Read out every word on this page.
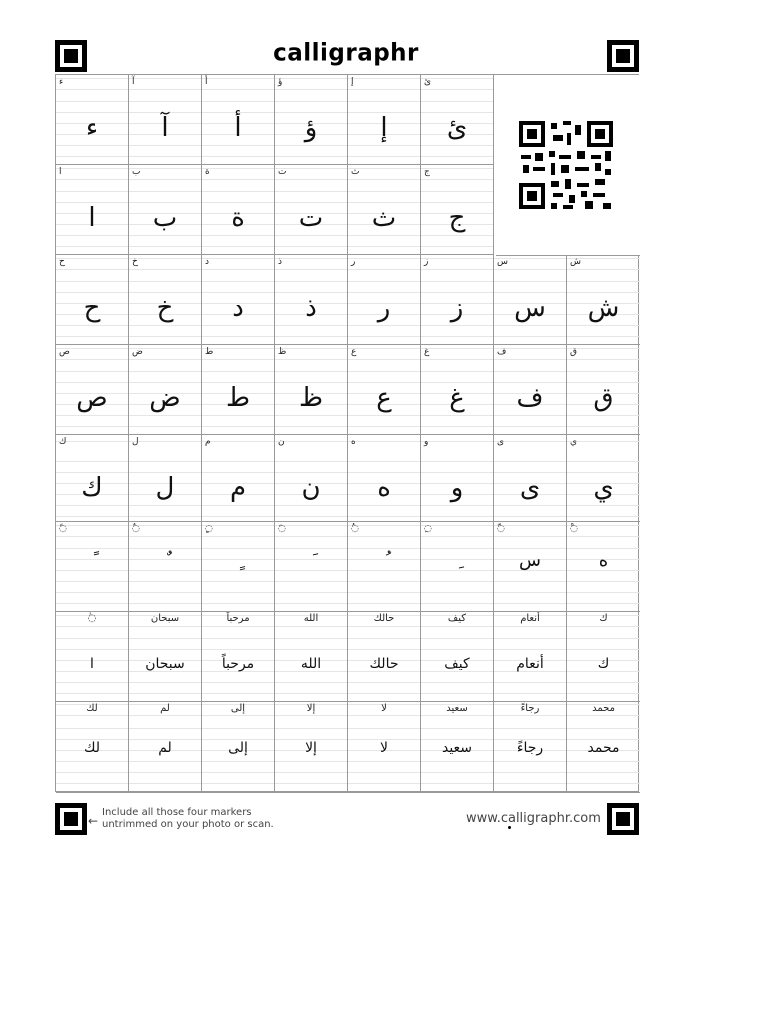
calligraphr
لك
لك
لم
لم
إلى
إلى
إلا
إلا
لا
لا
سعيد
سعيد
رجاءً
رجاءً
محمد
محمد
◌ٰ
ا
سبحان
سبحان
مرحباً
مرحباً
الله
الله
حالك
حالك
كيف
كيف
أنعام
أنعام
ك
ك
◌ً	◌ٌ	◌ٍ	◌َ	◌ُ	◌ِ	◌ّ
س
◌ْ
ه
ك
ك
ل
ل
م
م
ن
ن
ه
ه
و
و
ى
ى
ي
ي
ص
ص
ض
ض
ط
ط
ظ
ظ
ع
ع
غ
غ
ف
ف
ق
ق
ح
ح
خ
خ
د
د
ذ
ذ
ر
ر
ز
ز
س
س
ش
ش
ا
ا
ب
ب
ة
ة
ت
ت
ث
ث
ج
ج
ء
ء
آ
آ
أ
أ
ؤ
ؤ
إ
إ
ئ
ئ
←
Include all those four markers
untrimmed on your photo or scan.	www.calligraphr.com
